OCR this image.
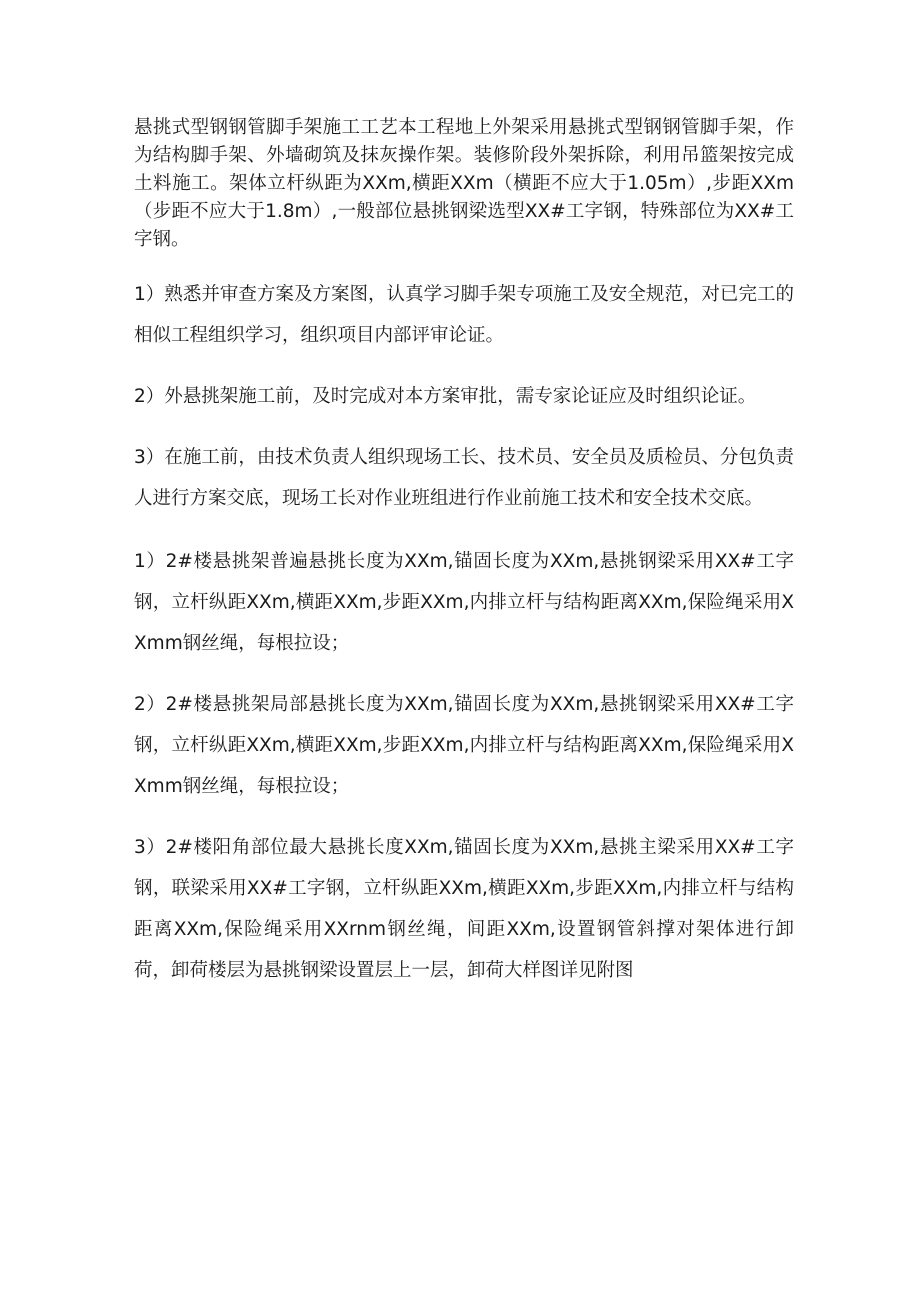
悬挑式型钢钢管脚手架施工工艺本工程地上外架采用悬挑式型钢钢管脚手架，作为结构脚手架、外墙砌筑及抹灰操作架。装修阶段外架拆除，利用吊篮架按完成土料施工。架体立杆纵距为XXm,横距XXm（横距不应大于1.05m）,步距XXm（步距不应大于1.8m）,一般部位悬挑钢梁选型XX#工字钢，特殊部位为XX#工字钢。

1）熟悉并审查方案及方案图，认真学习脚手架专项施工及安全规范，对已完工的相似工程组织学习，组织项目内部评审论证。

2）外悬挑架施工前，及时完成对本方案审批，需专家论证应及时组织论证。

3）在施工前，由技术负责人组织现场工长、技术员、安全员及质检员、分包负责人进行方案交底，现场工长对作业班组进行作业前施工技术和安全技术交底。

1）2#楼悬挑架普遍悬挑长度为XXm,锚固长度为XXm,悬挑钢梁采用XX#工字钢，立杆纵距XXm,横距XXm,步距XXm,内排立杆与结构距离XXm,保险绳采用XXmm钢丝绳，每根拉设；

2）2#楼悬挑架局部悬挑长度为XXm,锚固长度为XXm,悬挑钢梁采用XX#工字钢，立杆纵距XXm,横距XXm,步距XXm,内排立杆与结构距离XXm,保险绳采用XXmm钢丝绳，每根拉设；

3）2#楼阳角部位最大悬挑长度XXm,锚固长度为XXm,悬挑主梁采用XX#工字钢，联梁采用XX#工字钢，立杆纵距XXm,横距XXm,步距XXm,内排立杆与结构距离XXm,保险绳采用XXrnm钢丝绳，间距XXm,设置钢管斜撑对架体进行卸荷，卸荷楼层为悬挑钢梁设置层上一层，卸荷大样图详见附图
